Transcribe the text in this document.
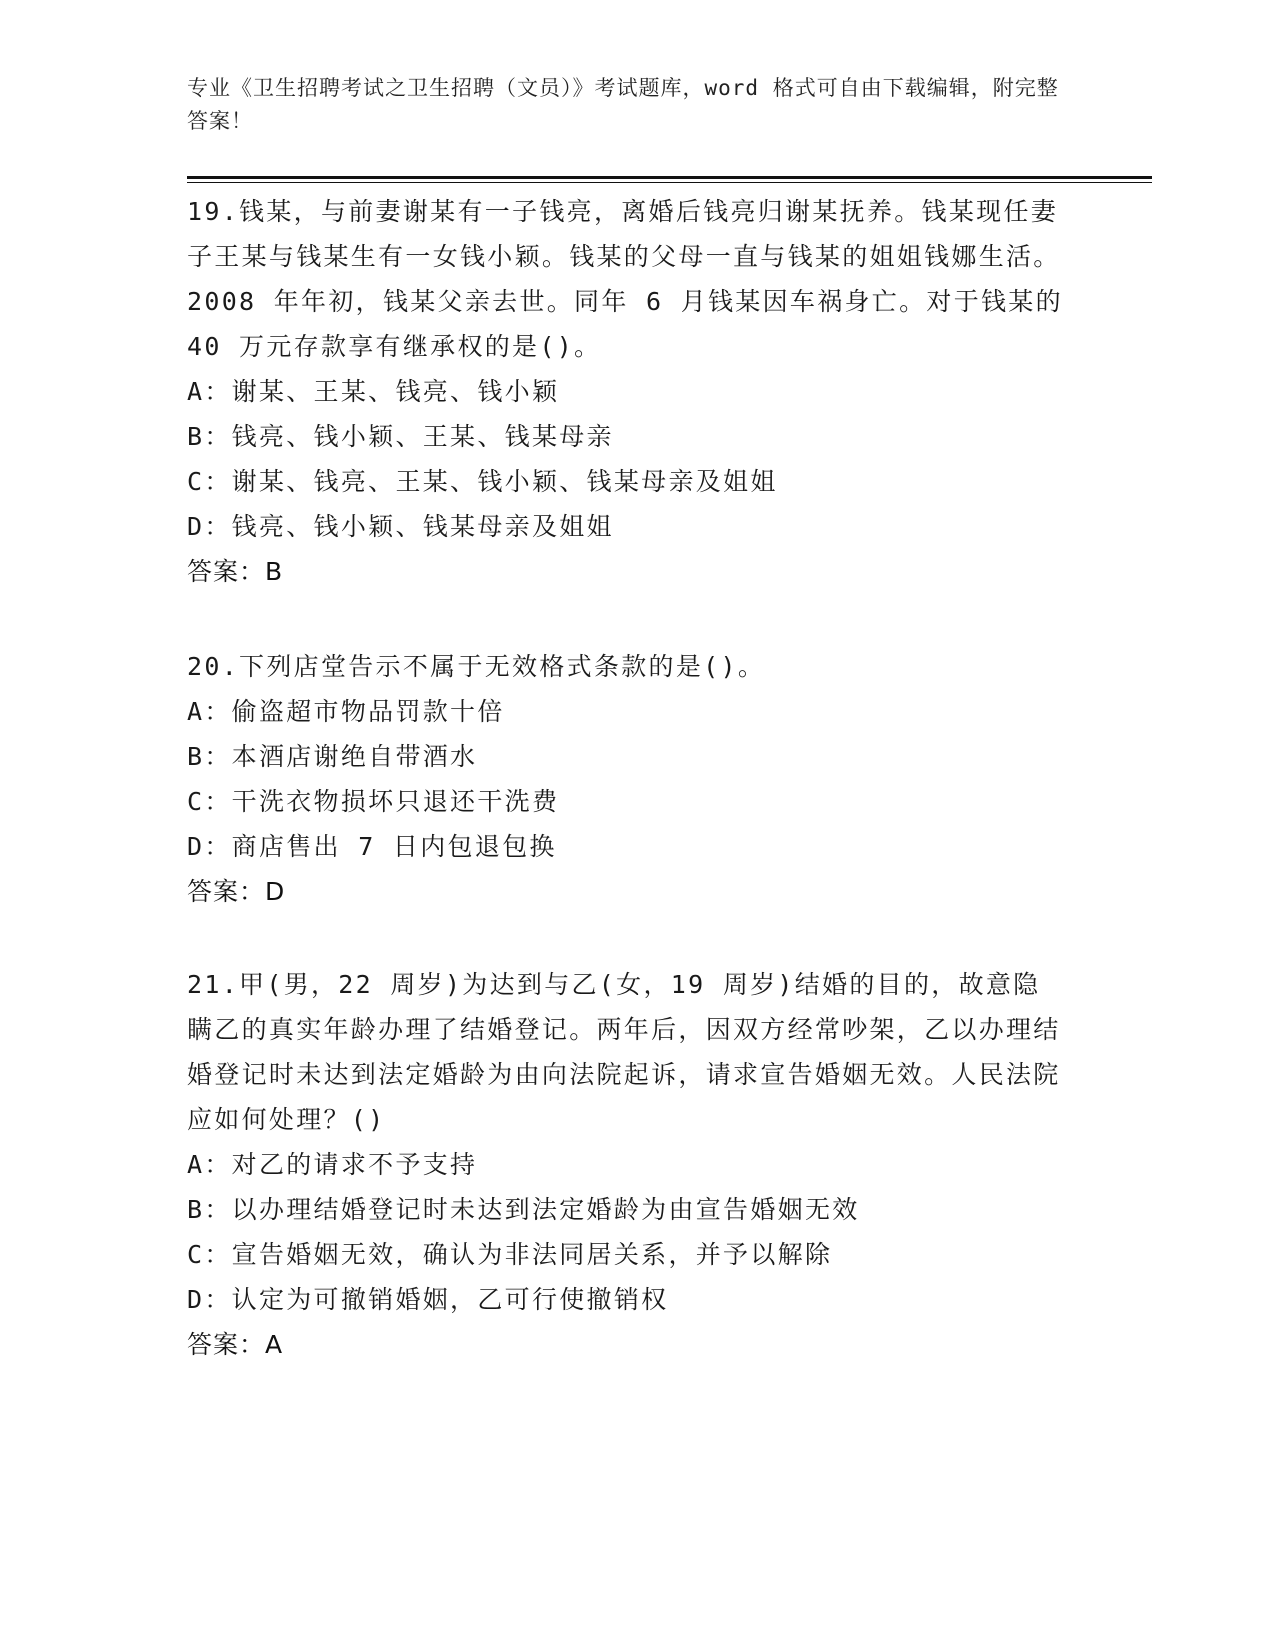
专业《卫生招聘考试之卫生招聘（文员）》考试题库，word 格式可自由下载编辑，附完整答案！
19.钱某，与前妻谢某有一子钱亮，离婚后钱亮归谢某抚养。钱某现任妻子王某与钱某生有一女钱小颖。钱某的父母一直与钱某的姐姐钱娜生活。2008 年年初，钱某父亲去世。同年 6 月钱某因车祸身亡。对于钱某的 40 万元存款享有继承权的是()。
A：谢某、王某、钱亮、钱小颖
B：钱亮、钱小颖、王某、钱某母亲
C：谢某、钱亮、王某、钱小颖、钱某母亲及姐姐
D：钱亮、钱小颖、钱某母亲及姐姐
答案：B
20.下列店堂告示不属于无效格式条款的是()。
A：偷盗超市物品罚款十倍
B：本酒店谢绝自带酒水
C：干洗衣物损坏只退还干洗费
D：商店售出 7 日内包退包换
答案：D
21.甲(男，22 周岁)为达到与乙(女，19 周岁)结婚的目的，故意隐瞒乙的真实年龄办理了结婚登记。两年后，因双方经常吵架，乙以办理结婚登记时未达到法定婚龄为由向法院起诉，请求宣告婚姻无效。人民法院应如何处理？()
A：对乙的请求不予支持
B：以办理结婚登记时未达到法定婚龄为由宣告婚姻无效
C：宣告婚姻无效，确认为非法同居关系，并予以解除
D：认定为可撤销婚姻，乙可行使撤销权
答案：A
